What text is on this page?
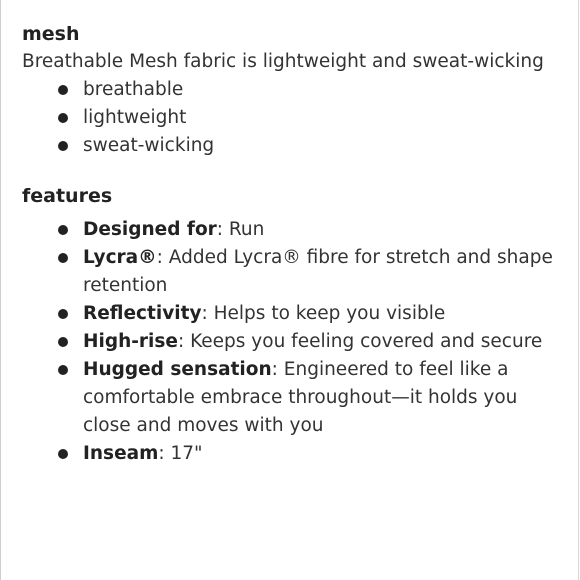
mesh

Breathable Mesh fabric is lightweight and sweat-wicking

breathable
lightweight
sweat-wicking
features
Designed for: Run
Lycra®: Added Lycra® fibre for stretch and shape retention
Reflectivity: Helps to keep you visible
High-rise: Keeps you feeling covered and secure
Hugged sensation: Engineered to feel like a comfortable embrace throughout—it holds you close and moves with you
Inseam: 17"
